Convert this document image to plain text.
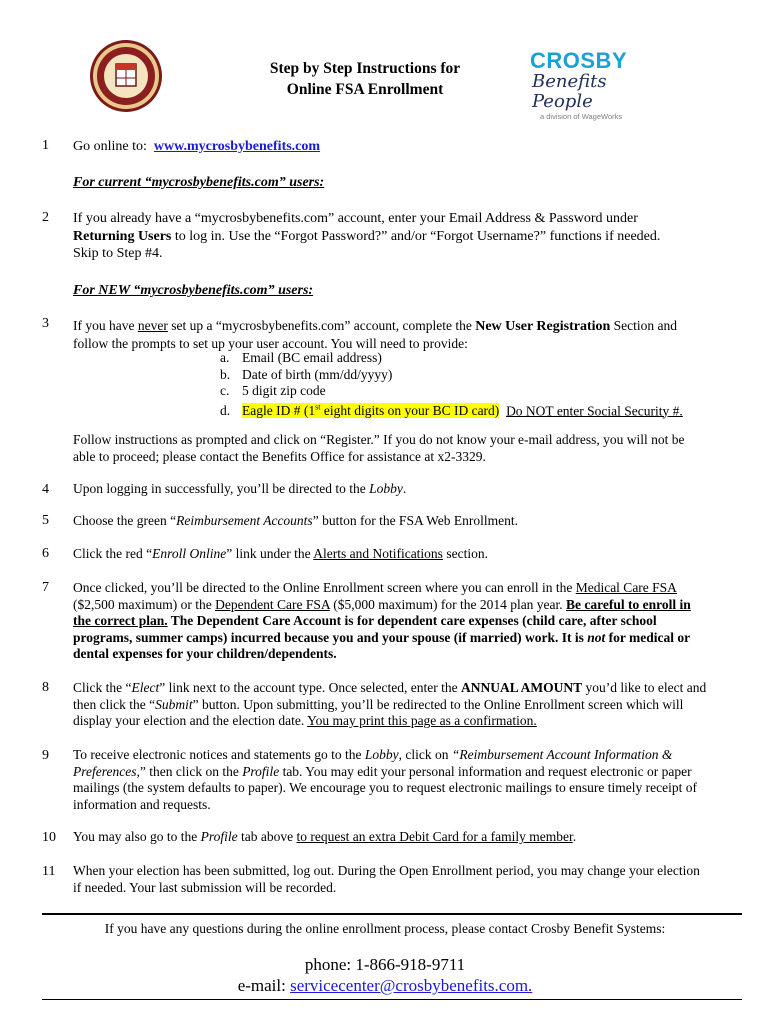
Step by Step Instructions for
Online FSA Enrollment
CROSBY
Benefits People
a division of WageWorks
1 Go online to: www.mycrosbybenefits.com
For current “mycrosbybenefits.com” users:
2 If you already have a “mycrosbybenefits.com” account, enter your Email Address & Password under
Returning Users to log in. Use the “Forgot Password?” and/or “Forgot Username?” functions if needed.
Skip to Step #4.
For NEW “mycrosbybenefits.com” users:
3 If you have never set up a “mycrosbybenefits.com” account, complete the New User Registration Section and
follow the prompts to set up your user account. You will need to provide:
a. Email (BC email address)
b. Date of birth (mm/dd/yyyy)
c. 5 digit zip code
d. Eagle ID # (1st eight digits on your BC ID card) Do NOT enter Social Security #.
Follow instructions as prompted and click on “Register.” If you do not know your e-mail address, you will not be
able to proceed; please contact the Benefits Office for assistance at x2-3329.
4 Upon logging in successfully, you’ll be directed to the Lobby.
5 Choose the green “Reimbursement Accounts” button for the FSA Web Enrollment.
6 Click the red “Enroll Online” link under the Alerts and Notifications section.
7 Once clicked, you’ll be directed to the Online Enrollment screen where you can enroll in the Medical Care FSA
($2,500 maximum) or the Dependent Care FSA ($5,000 maximum) for the 2014 plan year. Be careful to enroll in
the correct plan. The Dependent Care Account is for dependent care expenses (child care, after school
programs, summer camps) incurred because you and your spouse (if married) work. It is not for medical or
dental expenses for your children/dependents.
8 Click the “Elect” link next to the account type. Once selected, enter the ANNUAL AMOUNT you’d like to elect and
then click the “Submit” button. Upon submitting, you’ll be redirected to the Online Enrollment screen which will
display your election and the election date. You may print this page as a confirmation.
9 To receive electronic notices and statements go to the Lobby, click on “Reimbursement Account Information &
Preferences,” then click on the Profile tab. You may edit your personal information and request electronic or paper
mailings (the system defaults to paper). We encourage you to request electronic mailings to ensure timely receipt of
information and requests.
10 You may also go to the Profile tab above to request an extra Debit Card for a family member.
11 When your election has been submitted, log out. During the Open Enrollment period, you may change your election
if needed. Your last submission will be recorded.
If you have any questions during the online enrollment process, please contact Crosby Benefit Systems:
phone: 1-866-918-9711
e-mail: servicecenter@crosbybenefits.com.
